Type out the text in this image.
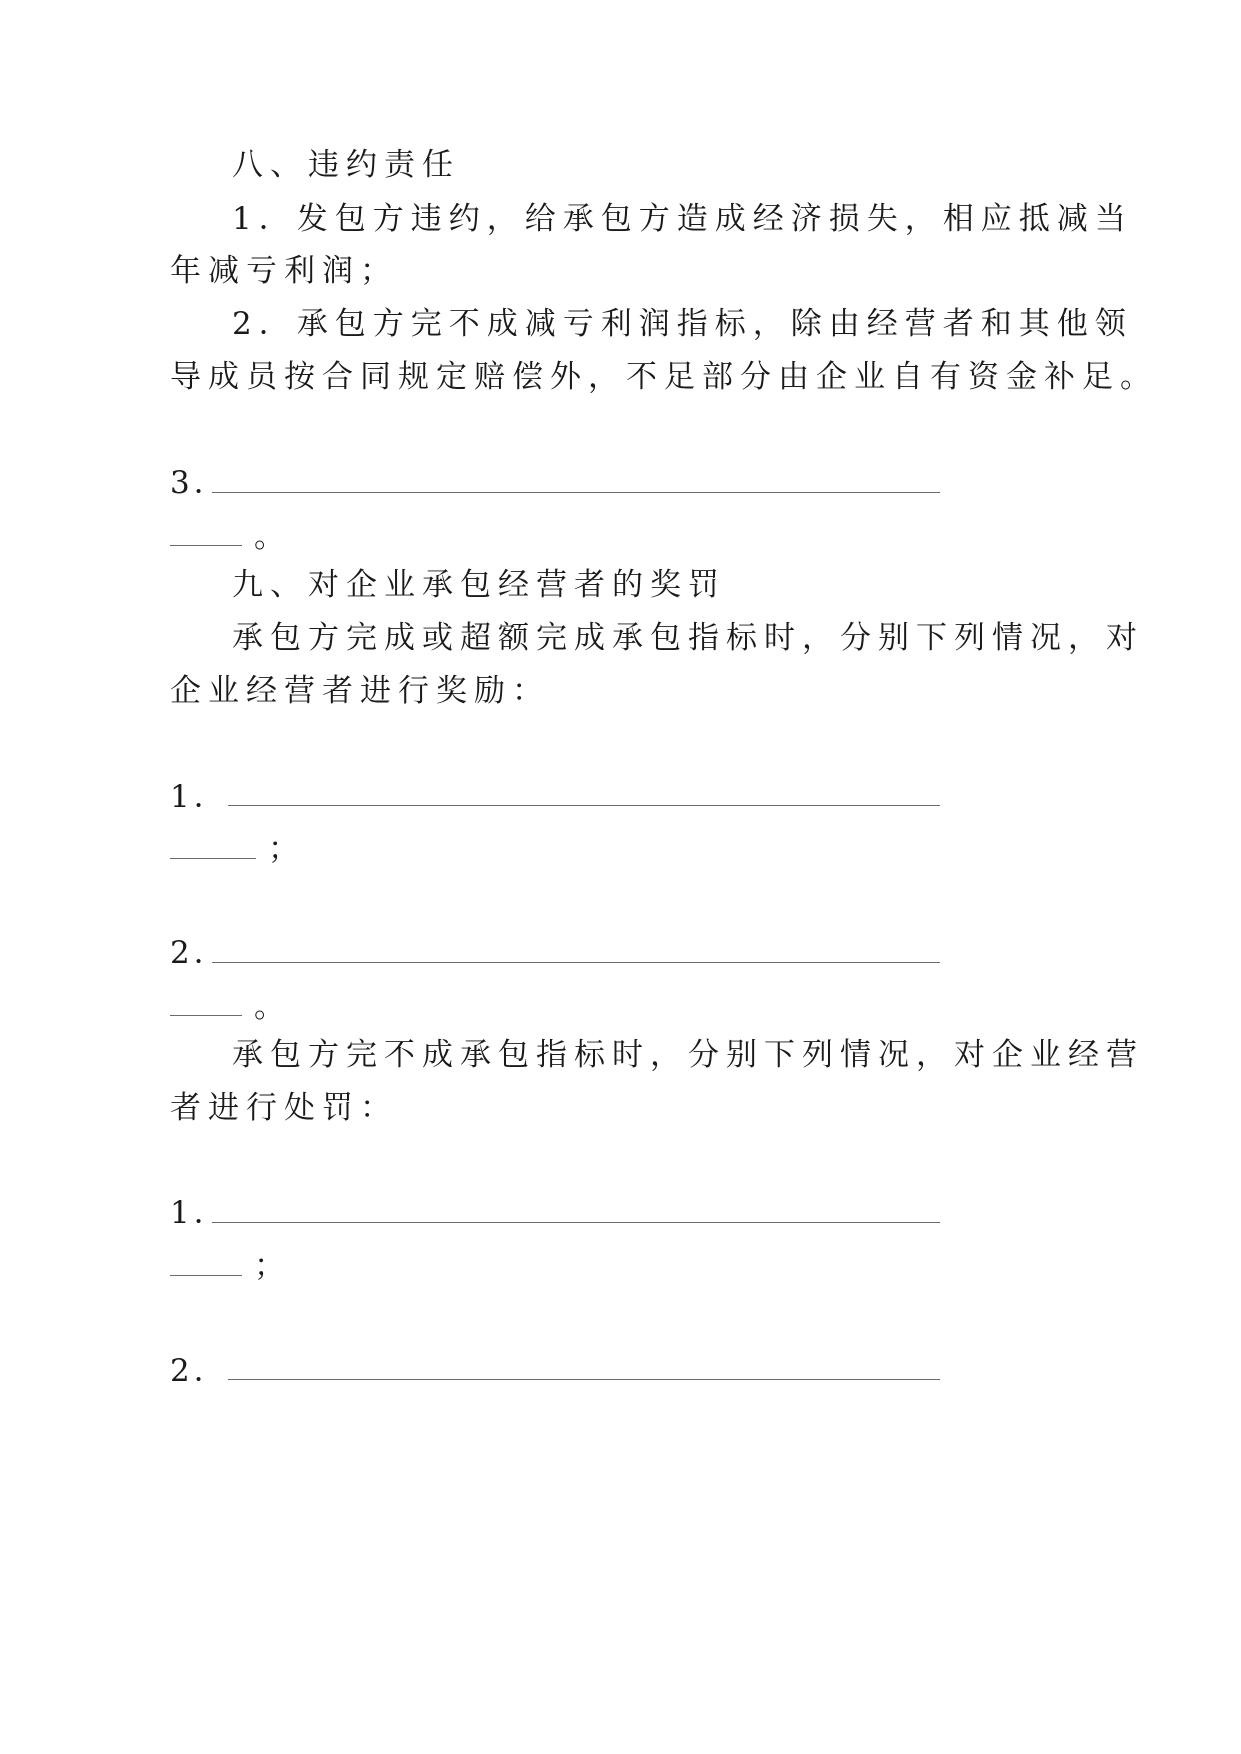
八、违约责任
1．发包方违约，给承包方造成经济损失，相应抵减当
年减亏利润；
2．承包方完不成减亏利润指标，除由经营者和其他领
导成员按合同规定赔偿外，不足部分由企业自有资金补足。
3．
。
九、对企业承包经营者的奖罚
承包方完成或超额完成承包指标时，分别下列情况，对
企业经营者进行奖励：
1．
；
2．
。
承包方完不成承包指标时，分别下列情况，对企业经营
者进行处罚：
1．
；
2．
